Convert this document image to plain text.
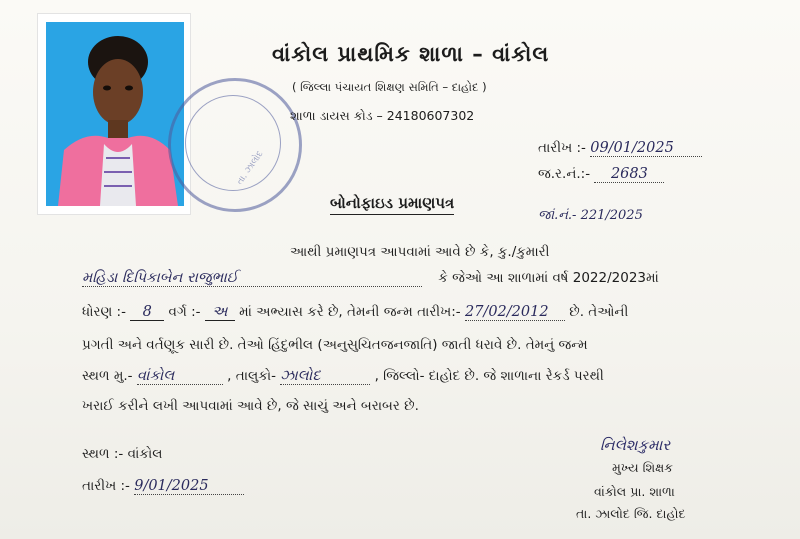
તા. ઝાલોદ
વાંકોલ પ્રાથમિક શાળા – વાંકોલ
( જિલ્લા પંચાયત શિક્ષણ સમિતિ – દાહોદ )
શાળા ડાયસ કોડ – 24180607302
તારીખ :- 09/01/2025
જ.ર.નં.:- 2683
જાં.નં.- 221/2025
બોનોફાઇડ પ્રમાણપત્ર
આથી પ્રમાણપત્ર આપવામાં આવે છે કે, કુ./કુમારી
મહિડા દિપિકાબેન રાજુભાઈ	કે જેઓ આ શાળામાં વર્ષ 2022/2023માં
ધોરણ :- 8 વર્ગ :- અ માં અભ્યાસ કરે છે, તેમની જન્મ તારીખ:- 27/02/2012 છે. તેઓની
પ્રગતી અને વર્તણૂક સારી છે. તેઓ હિંદુભીલ (અનુસુચિતજનજાતિ) જાતી ધરાવે છે. તેમનું જન્મ
સ્થળ મુ.- વાંકોલ	, તાલુકો- ઝાલોદ	, જિલ્લો- દાહોદ છે. જે શાળાના રેકર્ડ પરથી
ખરાઈ કરીને લખી આપવામાં આવે છે, જે સાચું અને બરાબર છે.
સ્થળ :- વાંકોલ
તારીખ :- 9/01/2025
નિલેશકુમાર
મુખ્ય શિક્ષક
વાંકોલ પ્રા. શાળા
તા. ઝાલોદ જિ. દાહોદ
